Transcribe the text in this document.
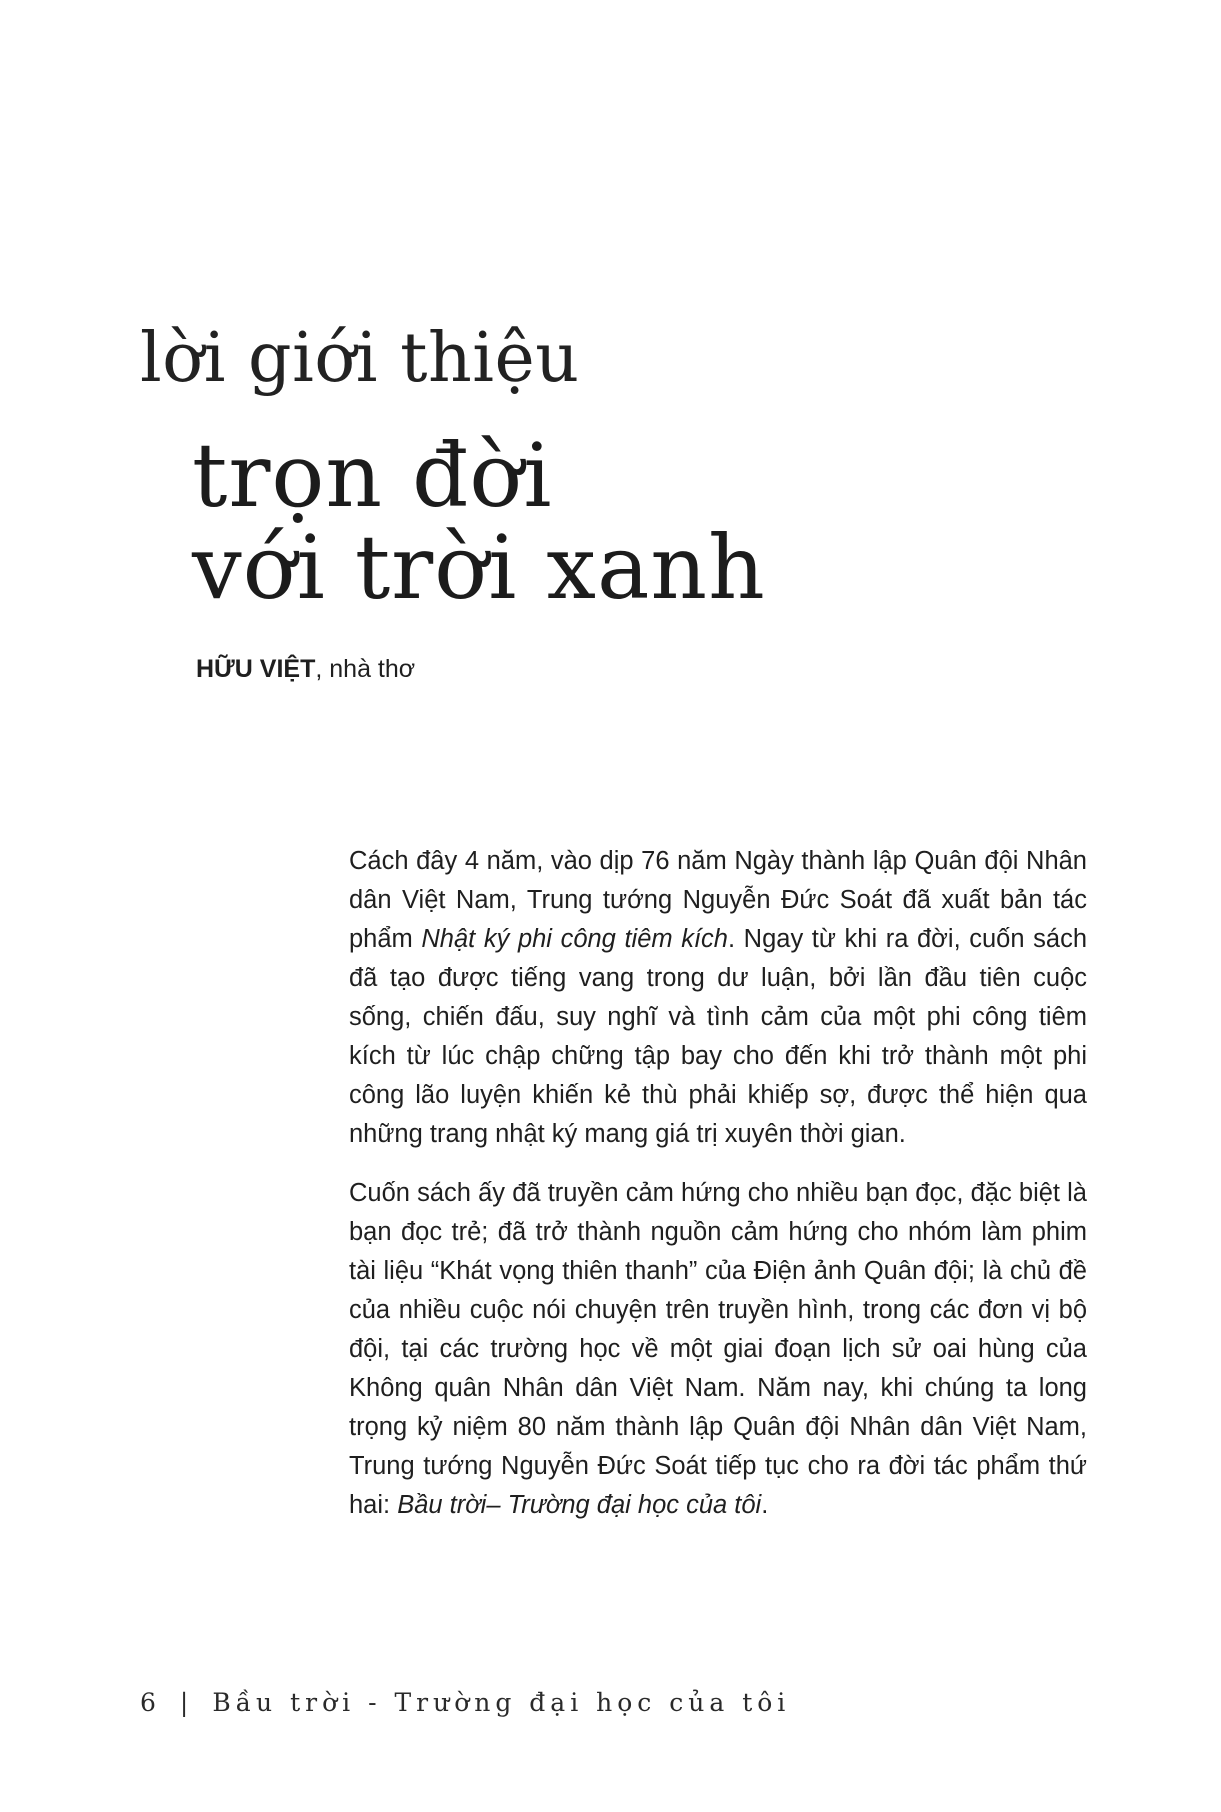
lời giới thiệu
trọn đời
với trời xanh
HỮU VIỆT, nhà thơ

Cách đây 4 năm, vào dịp 76 năm Ngày thành lập Quân đội Nhân dân Việt Nam, Trung tướng Nguyễn Đức Soát đã xuất bản tác phẩm Nhật ký phi công tiêm kích. Ngay từ khi ra đời, cuốn sách đã tạo được tiếng vang trong dư luận, bởi lần đầu tiên cuộc sống, chiến đấu, suy nghĩ và tình cảm của một phi công tiêm kích từ lúc chập chững tập bay cho đến khi trở thành một phi công lão luyện khiến kẻ thù phải khiếp sợ, được thể hiện qua những trang nhật ký mang giá trị xuyên thời gian.

Cuốn sách ấy đã truyền cảm hứng cho nhiều bạn đọc, đặc biệt là bạn đọc trẻ; đã trở thành nguồn cảm hứng cho nhóm làm phim tài liệu “Khát vọng thiên thanh” của Điện ảnh Quân đội; là chủ đề của nhiều cuộc nói chuyện trên truyền hình, trong các đơn vị bộ đội, tại các trường học về một giai đoạn lịch sử oai hùng của Không quân Nhân dân Việt Nam. Năm nay, khi chúng ta long trọng kỷ niệm 80 năm thành lập Quân đội Nhân dân Việt Nam, Trung tướng Nguyễn Đức Soát tiếp tục cho ra đời tác phẩm thứ hai: Bầu trời– Trường đại học của tôi.

6 | Bầu trời - Trường đại học của tôi
